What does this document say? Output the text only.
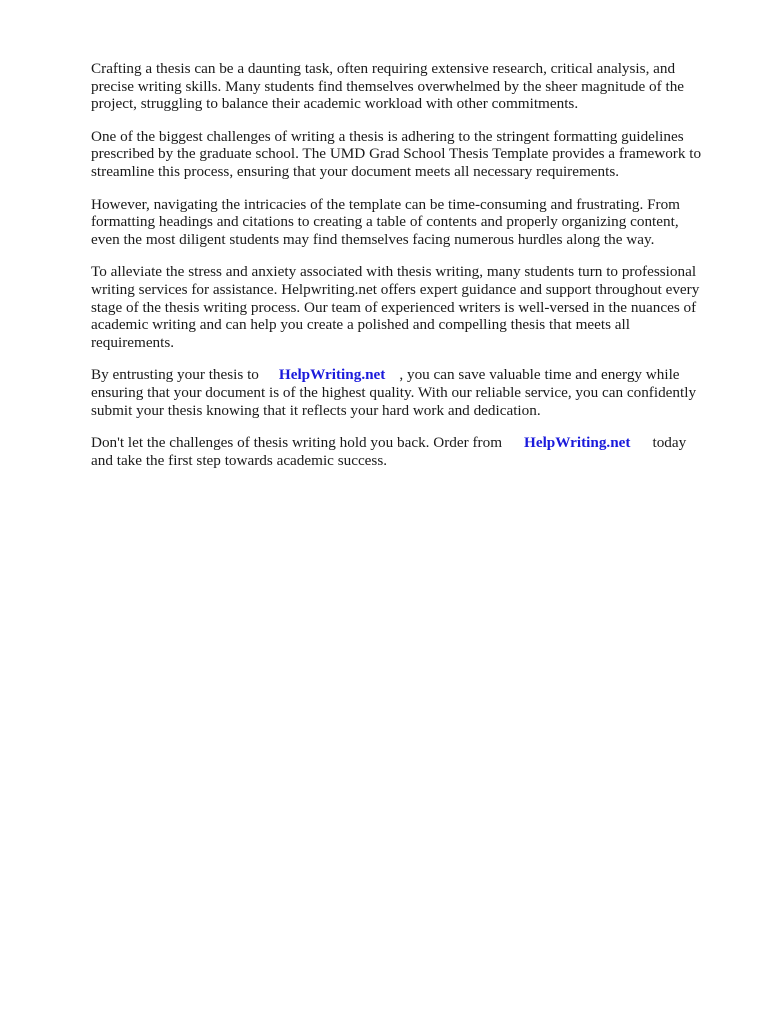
Crafting a thesis can be a daunting task, often requiring extensive research, critical analysis, and
precise writing skills. Many students find themselves overwhelmed by the sheer magnitude of the
project, struggling to balance their academic workload with other commitments.

One of the biggest challenges of writing a thesis is adhering to the stringent formatting guidelines
prescribed by the graduate school. The UMD Grad School Thesis Template provides a framework to
streamline this process, ensuring that your document meets all necessary requirements.

However, navigating the intricacies of the template can be time-consuming and frustrating. From
formatting headings and citations to creating a table of contents and properly organizing content,
even the most diligent students may find themselves facing numerous hurdles along the way.

To alleviate the stress and anxiety associated with thesis writing, many students turn to professional
writing services for assistance. Helpwriting.net offers expert guidance and support throughout every
stage of the thesis writing process. Our team of experienced writers is well-versed in the nuances of
academic writing and can help you create a polished and compelling thesis that meets all
requirements.

By entrusting your thesis to HelpWriting.net , you can save valuable time and energy while
ensuring that your document is of the highest quality. With our reliable service, you can confidently
submit your thesis knowing that it reflects your hard work and dedication.

Don't let the challenges of thesis writing hold you back. Order from HelpWriting.net today
and take the first step towards academic success.
